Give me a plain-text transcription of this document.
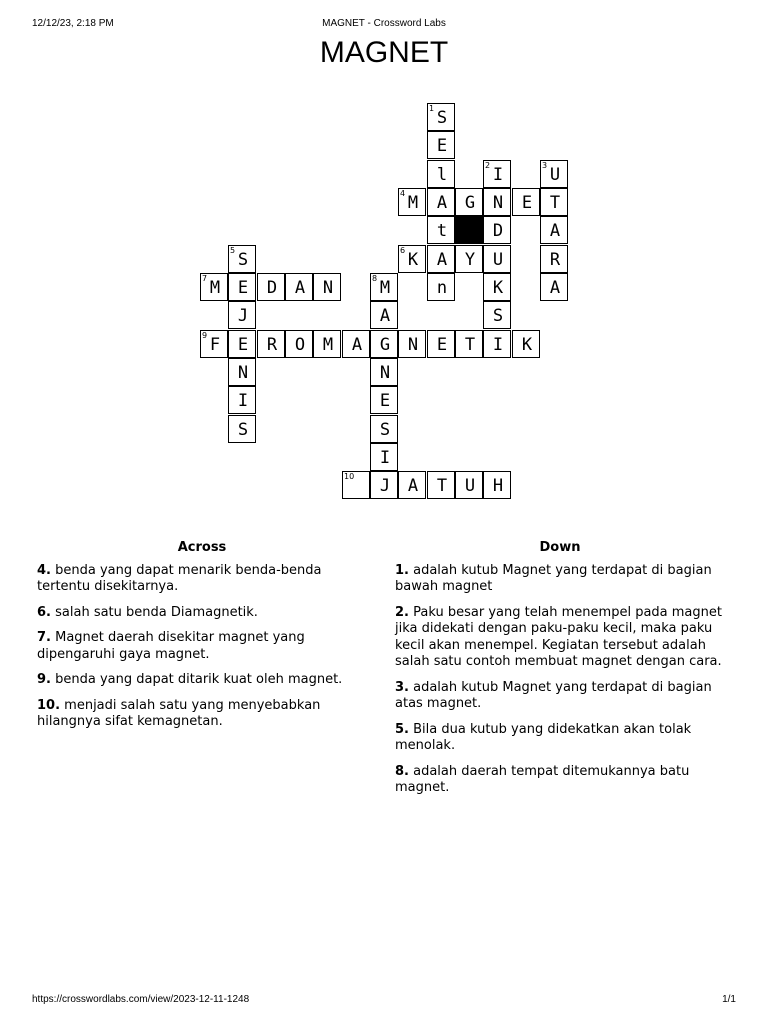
12/12/23, 2:18 PM	MAGNET - Crossword Labs
MAGNET
1 S
E
l	2 I	3 U
4 M	A	G	N	E	T
t	D	A
5 S	6 K	A	Y	U	R
7 M	E	D	A	N	8 M	n	K	A
J	A	S
9 F	E	R	O	M	A	G	N	E	T	I	K
N	N
I	E
S	S
I
10	J	A	T	U	H
Across
4. benda yang dapat menarik benda-benda tertentu disekitarnya.
6. salah satu benda Diamagnetik.
7. Magnet daerah disekitar magnet yang dipengaruhi gaya magnet.
9. benda yang dapat ditarik kuat oleh magnet.
10. menjadi salah satu yang menyebabkan hilangnya sifat kemagnetan.
Down
1. adalah kutub Magnet yang terdapat di bagian bawah magnet
2. Paku besar yang telah menempel pada magnet jika didekati dengan paku-paku kecil, maka paku kecil akan menempel. Kegiatan tersebut adalah salah satu contoh membuat magnet dengan cara.
3. adalah kutub Magnet yang terdapat di bagian atas magnet.
5. Bila dua kutub yang didekatkan akan tolak menolak.
8. adalah daerah tempat ditemukannya batu magnet.
https://crosswordlabs.com/view/2023-12-11-1248	1/1
